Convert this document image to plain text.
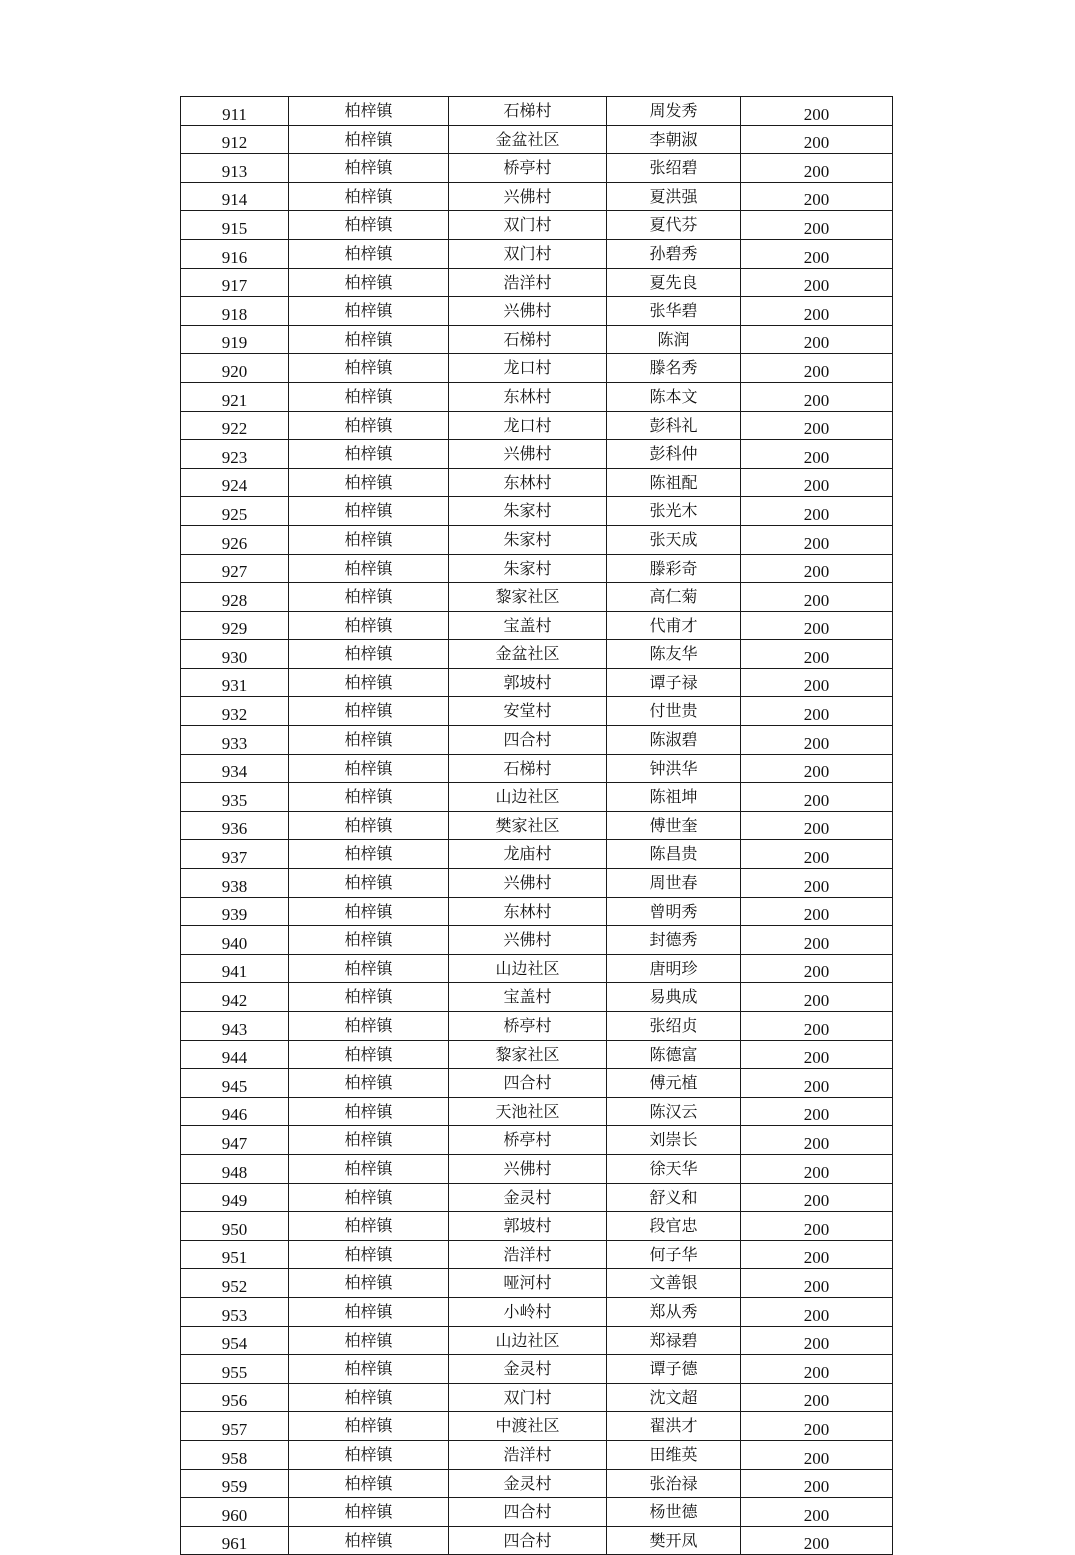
911	柏梓镇	石梯村	周发秀	200
912	柏梓镇	金盆社区	李朝淑	200
913	柏梓镇	桥亭村	张绍碧	200
914	柏梓镇	兴佛村	夏洪强	200
915	柏梓镇	双门村	夏代芬	200
916	柏梓镇	双门村	孙碧秀	200
917	柏梓镇	浩洋村	夏先良	200
918	柏梓镇	兴佛村	张华碧	200
919	柏梓镇	石梯村	陈润	200
920	柏梓镇	龙口村	滕名秀	200
921	柏梓镇	东林村	陈本文	200
922	柏梓镇	龙口村	彭科礼	200
923	柏梓镇	兴佛村	彭科仲	200
924	柏梓镇	东林村	陈祖配	200
925	柏梓镇	朱家村	张光木	200
926	柏梓镇	朱家村	张天成	200
927	柏梓镇	朱家村	滕彩奇	200
928	柏梓镇	黎家社区	高仁菊	200
929	柏梓镇	宝盖村	代甫才	200
930	柏梓镇	金盆社区	陈友华	200
931	柏梓镇	郭坡村	谭子禄	200
932	柏梓镇	安堂村	付世贵	200
933	柏梓镇	四合村	陈淑碧	200
934	柏梓镇	石梯村	钟洪华	200
935	柏梓镇	山边社区	陈祖坤	200
936	柏梓镇	樊家社区	傅世奎	200
937	柏梓镇	龙庙村	陈昌贵	200
938	柏梓镇	兴佛村	周世春	200
939	柏梓镇	东林村	曾明秀	200
940	柏梓镇	兴佛村	封德秀	200
941	柏梓镇	山边社区	唐明珍	200
942	柏梓镇	宝盖村	易典成	200
943	柏梓镇	桥亭村	张绍贞	200
944	柏梓镇	黎家社区	陈德富	200
945	柏梓镇	四合村	傅元植	200
946	柏梓镇	天池社区	陈汉云	200
947	柏梓镇	桥亭村	刘崇长	200
948	柏梓镇	兴佛村	徐天华	200
949	柏梓镇	金灵村	舒义和	200
950	柏梓镇	郭坡村	段官忠	200
951	柏梓镇	浩洋村	何子华	200
952	柏梓镇	哑河村	文善银	200
953	柏梓镇	小岭村	郑从秀	200
954	柏梓镇	山边社区	郑禄碧	200
955	柏梓镇	金灵村	谭子德	200
956	柏梓镇	双门村	沈文超	200
957	柏梓镇	中渡社区	翟洪才	200
958	柏梓镇	浩洋村	田维英	200
959	柏梓镇	金灵村	张治禄	200
960	柏梓镇	四合村	杨世德	200
961	柏梓镇	四合村	樊开凤	200
